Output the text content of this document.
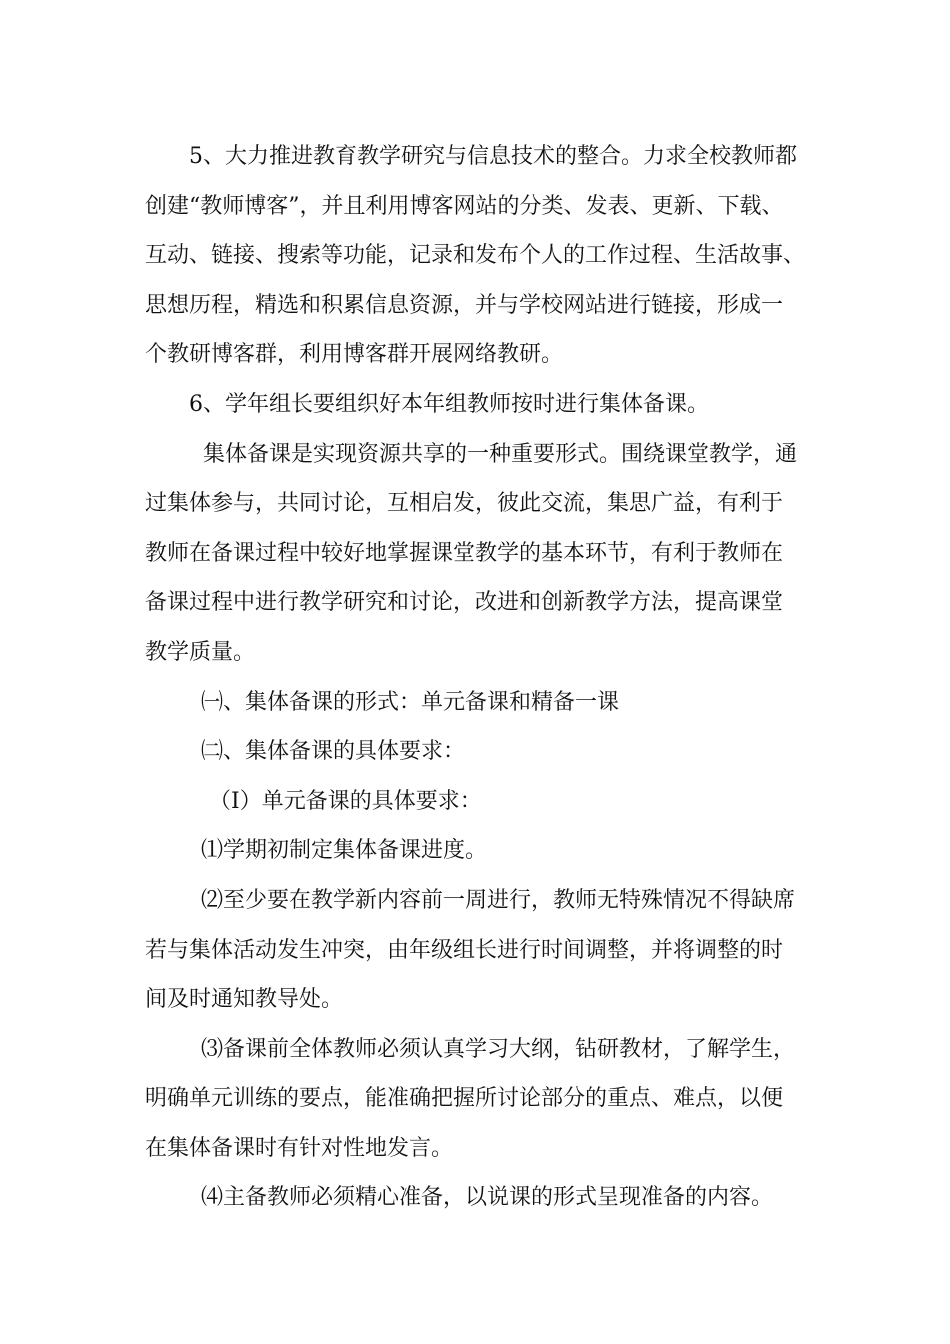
5、大力推进教育教学研究与信息技术的整合。力求全校教师都
创建“教师博客”，并且利用博客网站的分类、发表、更新、下载、
互动、链接、搜索等功能，记录和发布个人的工作过程、生活故事、
思想历程，精选和积累信息资源，并与学校网站进行链接，形成一
个教研博客群，利用博客群开展网络教研。

6、学年组长要组织好本年组教师按时进行集体备课。

集体备课是实现资源共享的一种重要形式。围绕课堂教学，通
过集体参与，共同讨论，互相启发，彼此交流，集思广益，有利于
教师在备课过程中较好地掌握课堂教学的基本环节，有利于教师在
备课过程中进行教学研究和讨论，改进和创新教学方法，提高课堂
教学质量。

㈠、集体备课的形式：单元备课和精备一课

㈡、集体备课的具体要求：

（I）单元备课的具体要求：

⑴学期初制定集体备课进度。

⑵至少要在教学新内容前一周进行，教师无特殊情况不得缺席
若与集体活动发生冲突，由年级组长进行时间调整，并将调整的时
间及时通知教导处。

⑶备课前全体教师必须认真学习大纲，钻研教材，了解学生，
明确单元训练的要点，能准确把握所讨论部分的重点、难点，以便
在集体备课时有针对性地发言。

⑷主备教师必须精心准备，以说课的形式呈现准备的内容。
